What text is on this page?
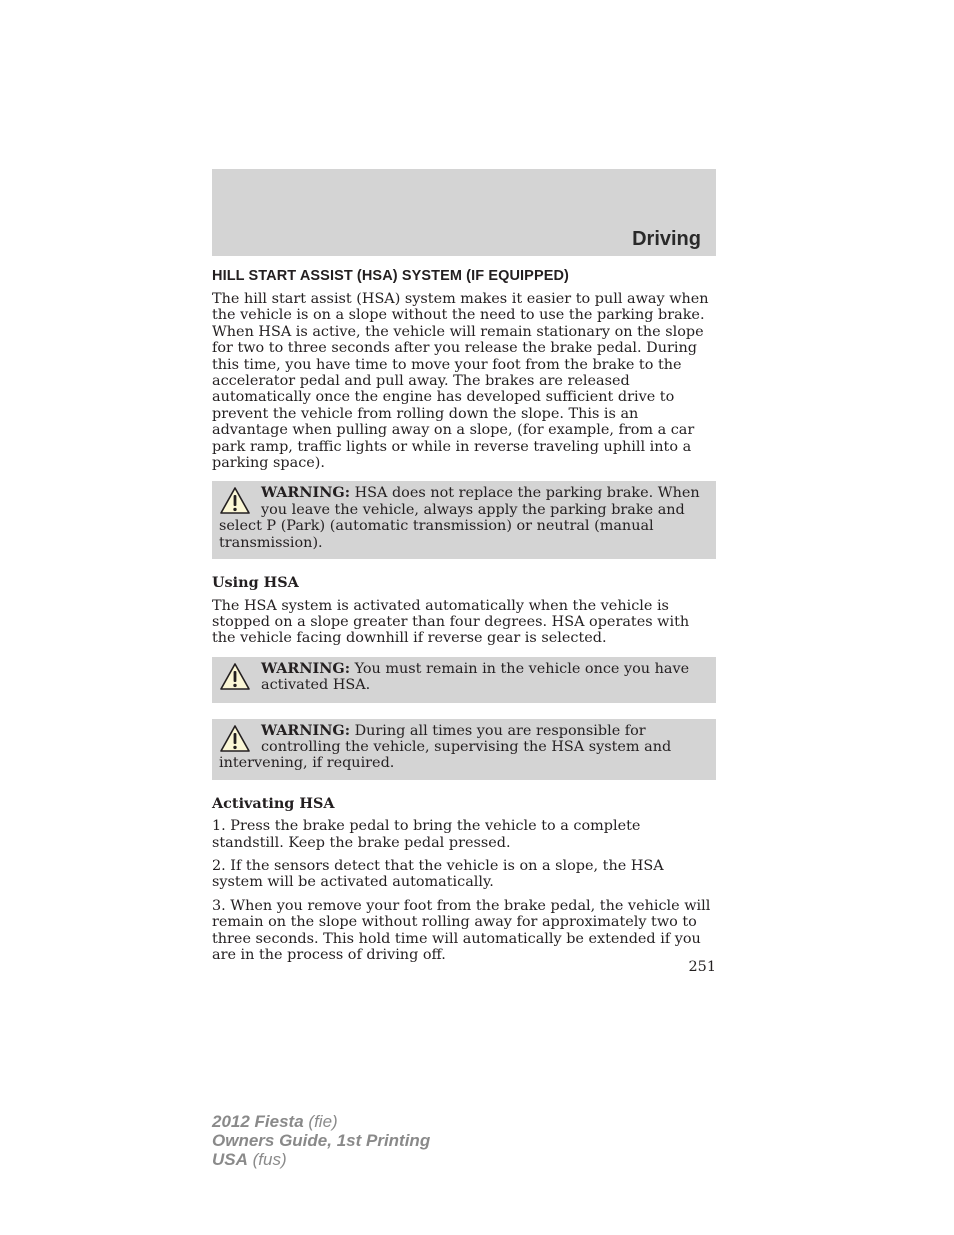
Driving
HILL START ASSIST (HSA) SYSTEM (IF EQUIPPED)

The hill start assist (HSA) system makes it easier to pull away when the vehicle is on a slope without the need to use the parking brake. When HSA is active, the vehicle will remain stationary on the slope for two to three seconds after you release the brake pedal. During this time, you have time to move your foot from the brake to the accelerator pedal and pull away. The brakes are released automatically once the engine has developed sufficient drive to prevent the vehicle from rolling down the slope. This is an advantage when pulling away on a slope, (for example, from a car park ramp, traffic lights or while in reverse traveling uphill into a parking space).

WARNING: HSA does not replace the parking brake. When you leave the vehicle, always apply the parking brake and select P (Park) (automatic transmission) or neutral (manual transmission).
Using HSA

The HSA system is activated automatically when the vehicle is stopped on a slope greater than four degrees. HSA operates with the vehicle facing downhill if reverse gear is selected.

WARNING: You must remain in the vehicle once you have activated HSA.
WARNING: During all times you are responsible for controlling the vehicle, supervising the HSA system and intervening, if required.
Activating HSA

1. Press the brake pedal to bring the vehicle to a complete standstill. Keep the brake pedal pressed.

2. If the sensors detect that the vehicle is on a slope, the HSA system will be activated automatically.

3. When you remove your foot from the brake pedal, the vehicle will remain on the slope without rolling away for approximately two to three seconds. This hold time will automatically be extended if you are in the process of driving off.

251
2012 Fiesta (fie)
Owners Guide, 1st Printing
USA (fus)
